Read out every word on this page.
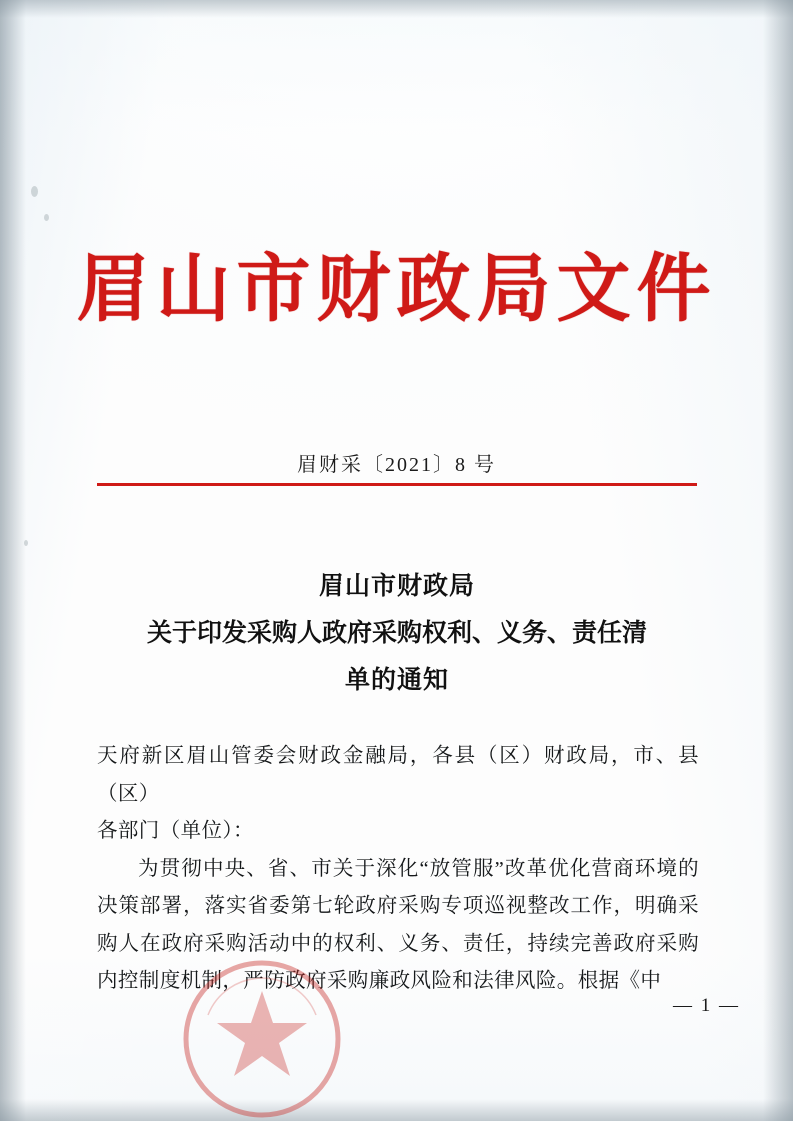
眉山市财政局文件
眉财采〔2021〕8 号
眉山市财政局
关于印发采购人政府采购权利、义务、责任清
单的通知

天府新区眉山管委会财政金融局，各县（区）财政局，市、县（区）

各部门（单位）：

为贯彻中央、省、市关于深化“放管服”改革优化营商环境的决策部署，落实省委第七轮政府采购专项巡视整改工作，明确采购人在政府采购活动中的权利、义务、责任，持续完善政府采购内控制度机制，严防政府采购廉政风险和法律风险。根据《中

— 1 —
